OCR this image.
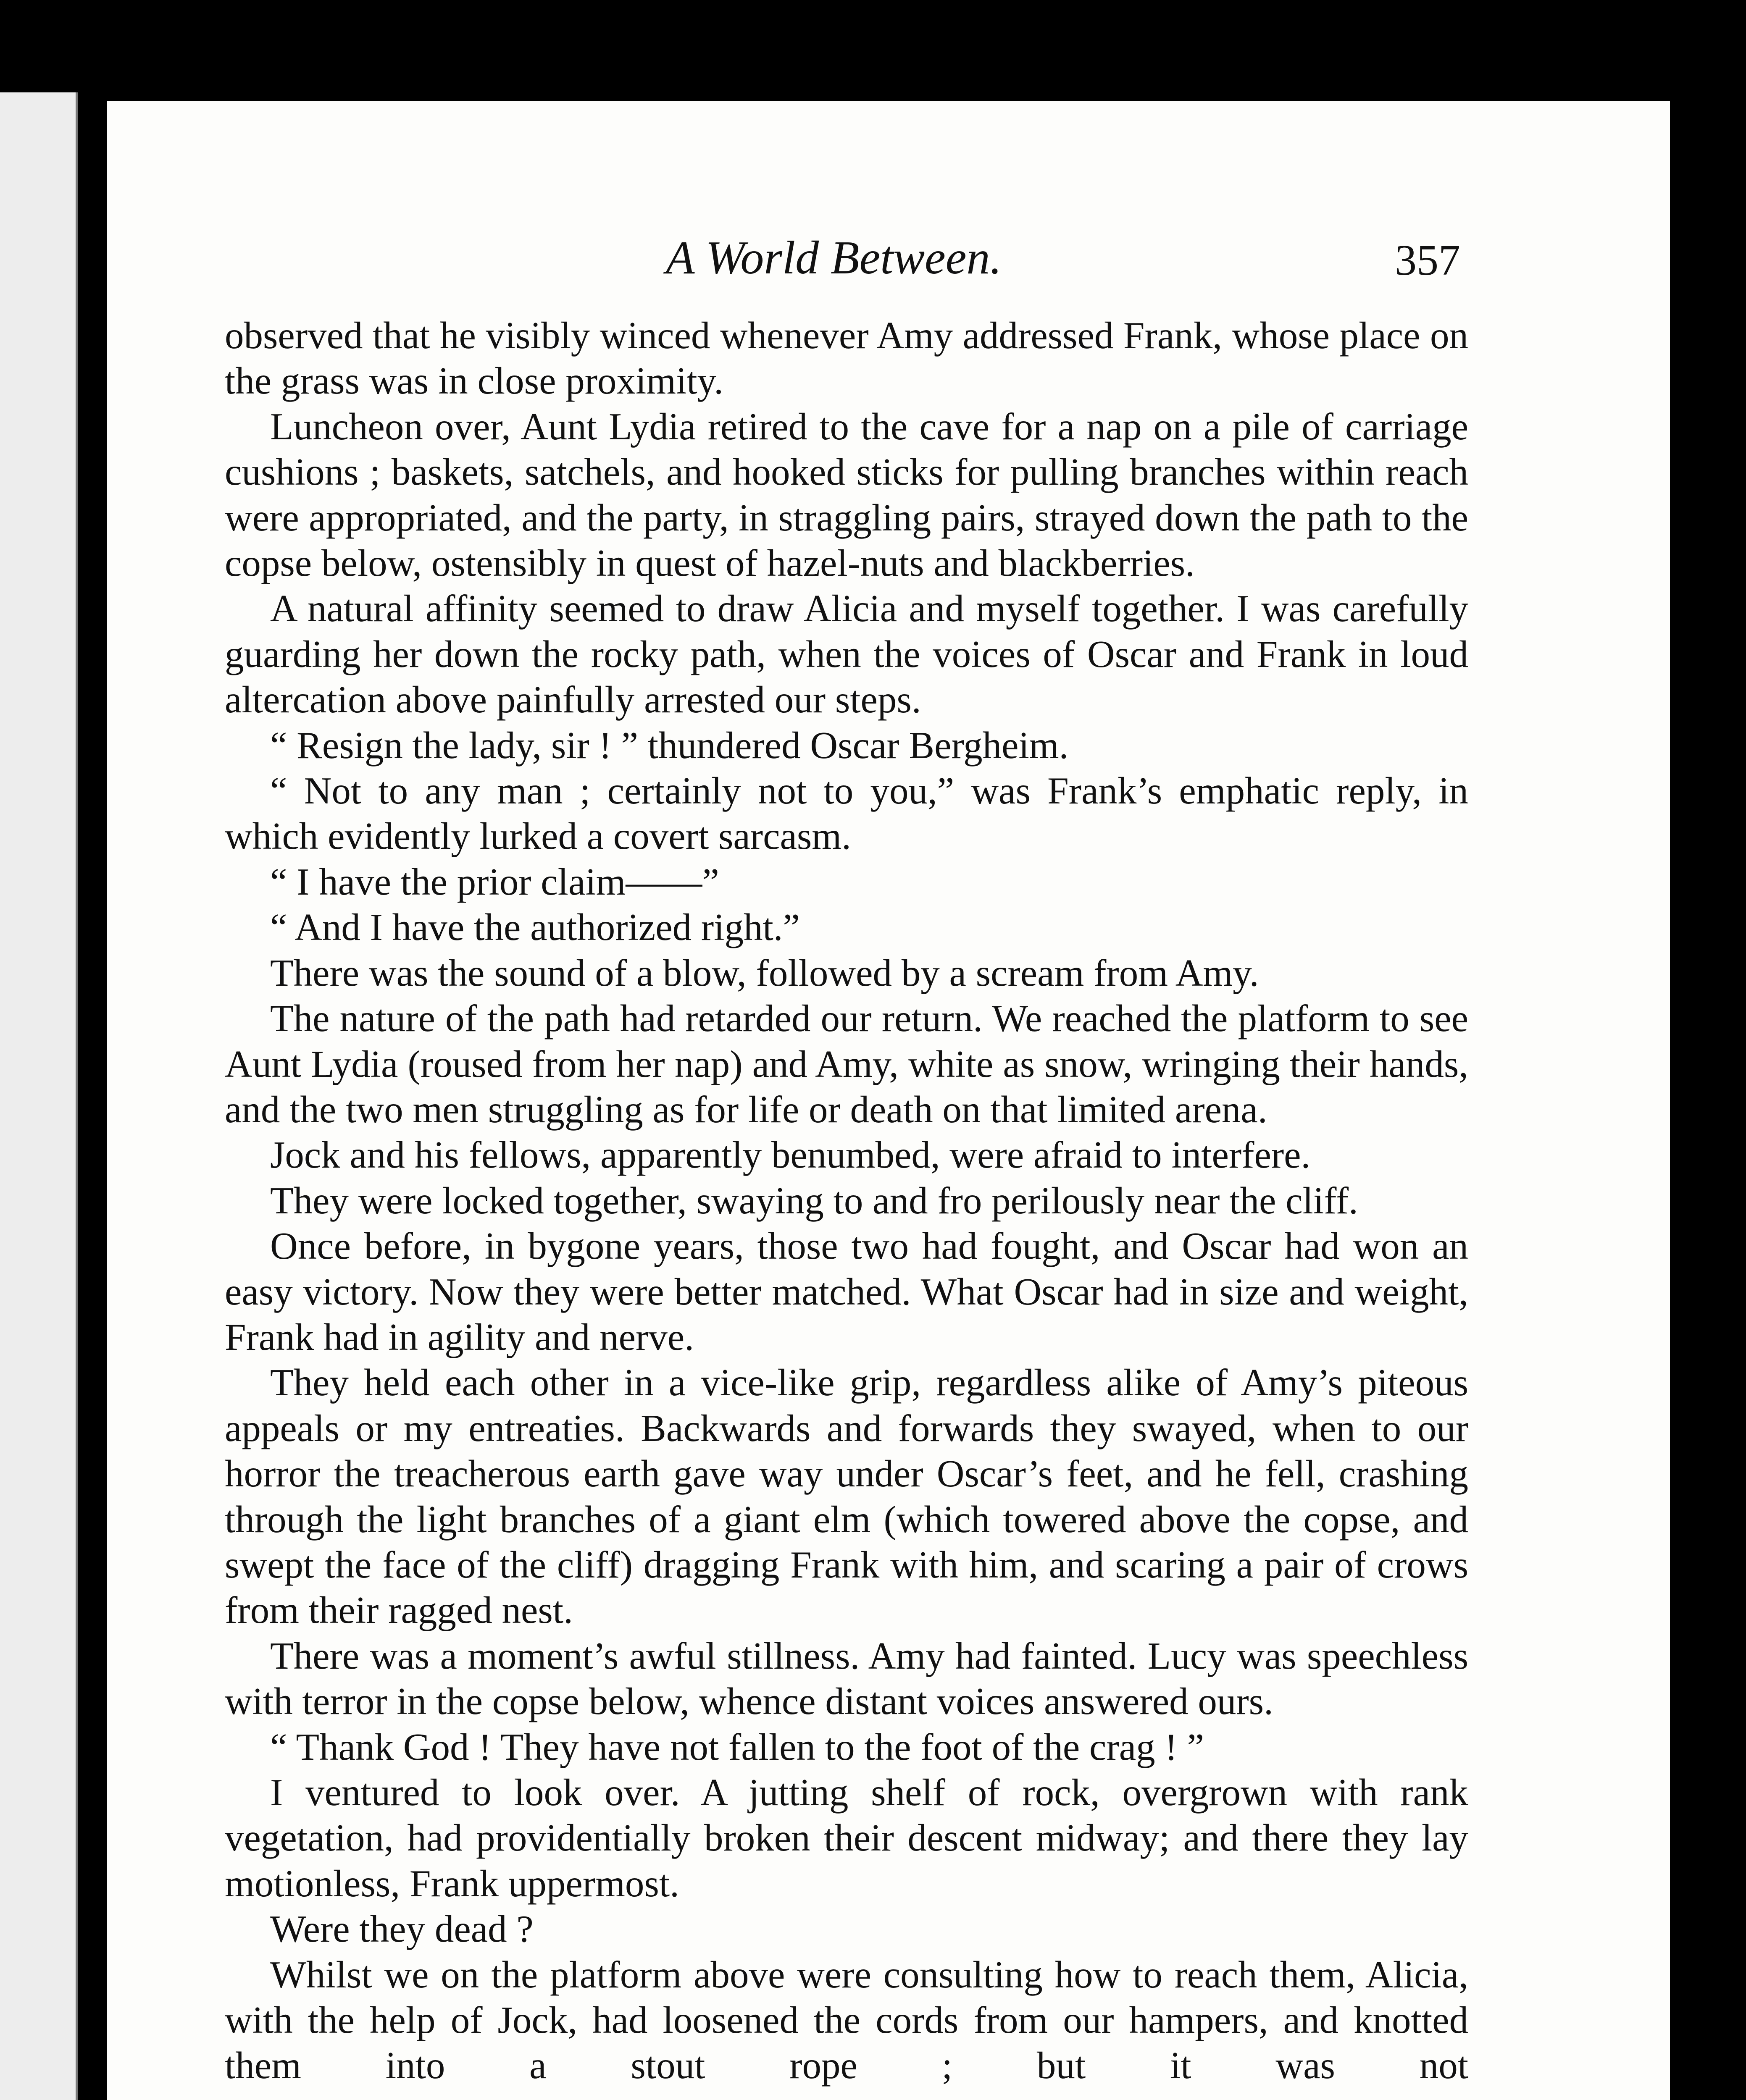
A World Between.	357

observed that he visibly winced whenever Amy addressed Frank, whose place on the grass was in close proximity.

Luncheon over, Aunt Lydia retired to the cave for a nap on a pile of carriage cushions ; baskets, satchels, and hooked sticks for pulling branches within reach were appropriated, and the party, in straggling pairs, strayed down the path to the copse below, ostensibly in quest of hazel-nuts and blackberries.

A natural affinity seemed to draw Alicia and myself together. I was carefully guarding her down the rocky path, when the voices of Oscar and Frank in loud altercation above painfully arrested our steps.

“ Resign the lady, sir ! ” thundered Oscar Bergheim.

“ Not to any man ; certainly not to you,” was Frank’s emphatic reply, in which evidently lurked a covert sarcasm.

“ I have the prior claim——”

“ And I have the authorized right.”

There was the sound of a blow, followed by a scream from Amy.

The nature of the path had retarded our return. We reached the platform to see Aunt Lydia (roused from her nap) and Amy, white as snow, wringing their hands, and the two men struggling as for life or death on that limited arena.

Jock and his fellows, apparently benumbed, were afraid to interfere.

They were locked together, swaying to and fro perilously near the cliff.

Once before, in bygone years, those two had fought, and Oscar had won an easy victory. Now they were better matched. What Oscar had in size and weight, Frank had in agility and nerve.

They held each other in a vice-like grip, regardless alike of Amy’s piteous appeals or my entreaties. Backwards and forwards they swayed, when to our horror the treacherous earth gave way under Oscar’s feet, and he fell, crashing through the light branches of a giant elm (which towered above the copse, and swept the face of the cliff) dragging Frank with him, and scaring a pair of crows from their ragged nest.

There was a moment’s awful stillness. Amy had fainted. Lucy was speechless with terror in the copse below, whence distant voices answered ours.

“ Thank God ! They have not fallen to the foot of the crag ! ”

I ventured to look over. A jutting shelf of rock, overgrown with rank vegetation, had providentially broken their descent midway; and there they lay motionless, Frank uppermost.

Were they dead ?

Whilst we on the platform above were consulting how to reach them, Alicia, with the help of Jock, had loosened the cords from our hampers, and knotted them into a stout rope ; but it was not
